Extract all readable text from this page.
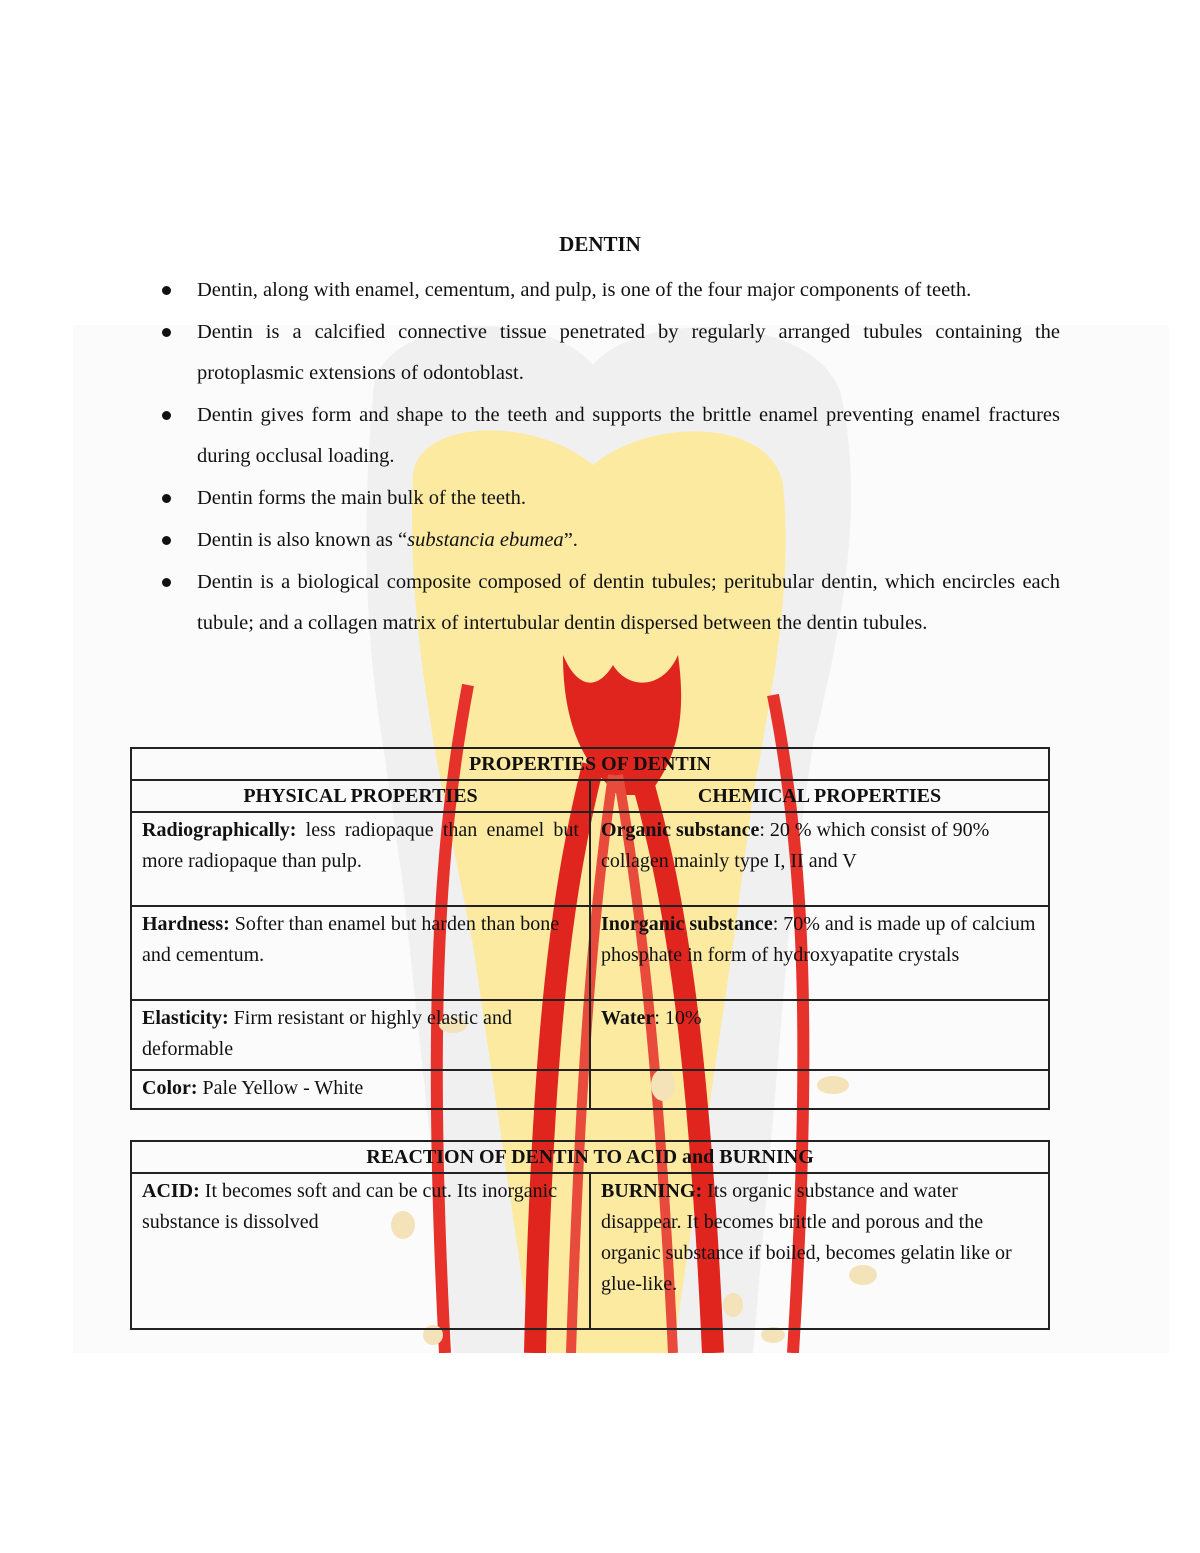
DENTIN
Dentin, along with enamel, cementum, and pulp, is one of the four major components of teeth.
Dentin is a calcified connective tissue penetrated by regularly arranged tubules containing the protoplasmic extensions of odontoblast.
Dentin gives form and shape to the teeth and supports the brittle enamel preventing enamel fractures during occlusal loading.
Dentin forms the main bulk of the teeth.
Dentin is also known as “substancia ebumea”.
Dentin is a biological composite composed of dentin tubules; peritubular dentin, which encircles each tubule; and a collagen matrix of intertubular dentin dispersed between the dentin tubules.
PROPERTIES OF DENTIN	
PHYSICAL PROPERTIES	CHEMICAL PROPERTIES
Radiographically: less radiopaque than enamel but more radiopaque than pulp.	Organic substance: 20 % which consist of 90% collagen mainly type I, II and V
Hardness: Softer than enamel but harden than bone and cementum.	Inorganic substance: 70% and is made up of calcium phosphate in form of hydroxyapatite crystals
Elasticity: Firm resistant or highly elastic and deformable	Water: 10%
Color: Pale Yellow - White	
REACTION OF DENTIN TO ACID and BURNING
ACID: It becomes soft and can be cut. Its inorganic substance is dissolved	BURNING: Its organic substance and water disappear. It becomes brittle and porous and the organic substance if boiled, becomes gelatin like or glue-like.
